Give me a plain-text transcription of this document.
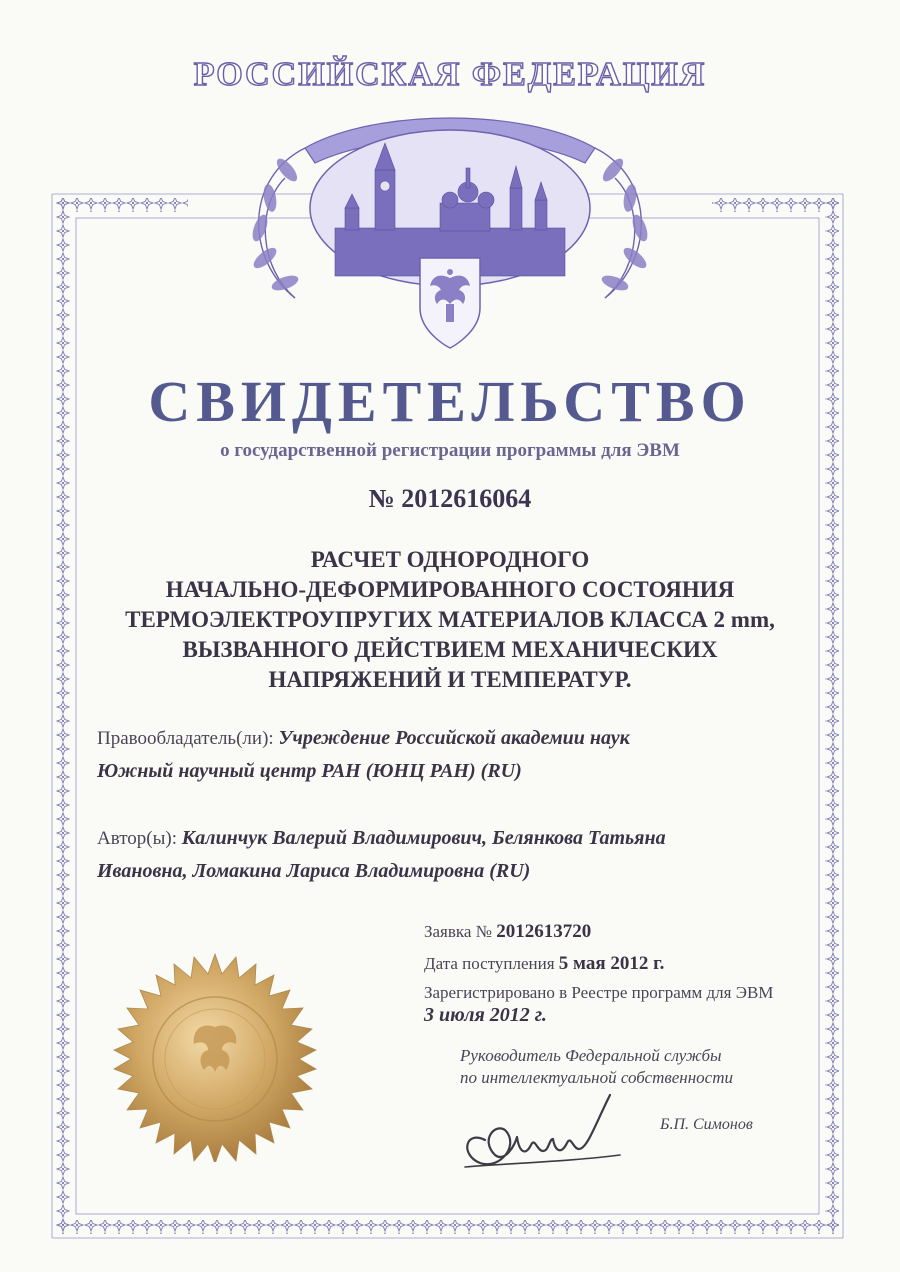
РОССИЙСКАЯ ФЕДЕРАЦИЯ
СВИДЕТЕЛЬСТВО
о государственной регистрации программы для ЭВМ
№ 2012616064
РАСЧЕТ ОДНОРОДНОГО
НАЧАЛЬНО-ДЕФОРМИРОВАННОГО СОСТОЯНИЯ
ТЕРМОЭЛЕКТРОУПРУГИХ МАТЕРИАЛОВ КЛАССА 2 mm,
ВЫЗВАННОГО ДЕЙСТВИЕМ МЕХАНИЧЕСКИХ
НАПРЯЖЕНИЙ И ТЕМПЕРАТУР.
Правообладатель(ли): Учреждение Российской академии наук
Южный научный центр РАН (ЮНЦ РАН) (RU)
Автор(ы): Калинчук Валерий Владимирович, Белянкова Татьяна
Ивановна, Ломакина Лариса Владимировна (RU)
Заявка № 2012613720
Дата поступления 5 мая 2012 г.
Зарегистрировано в Реестре программ для ЭВМ
3 июля 2012 г.
Руководитель Федеральной службы
по интеллектуальной собственности
Б.П. Симонов
